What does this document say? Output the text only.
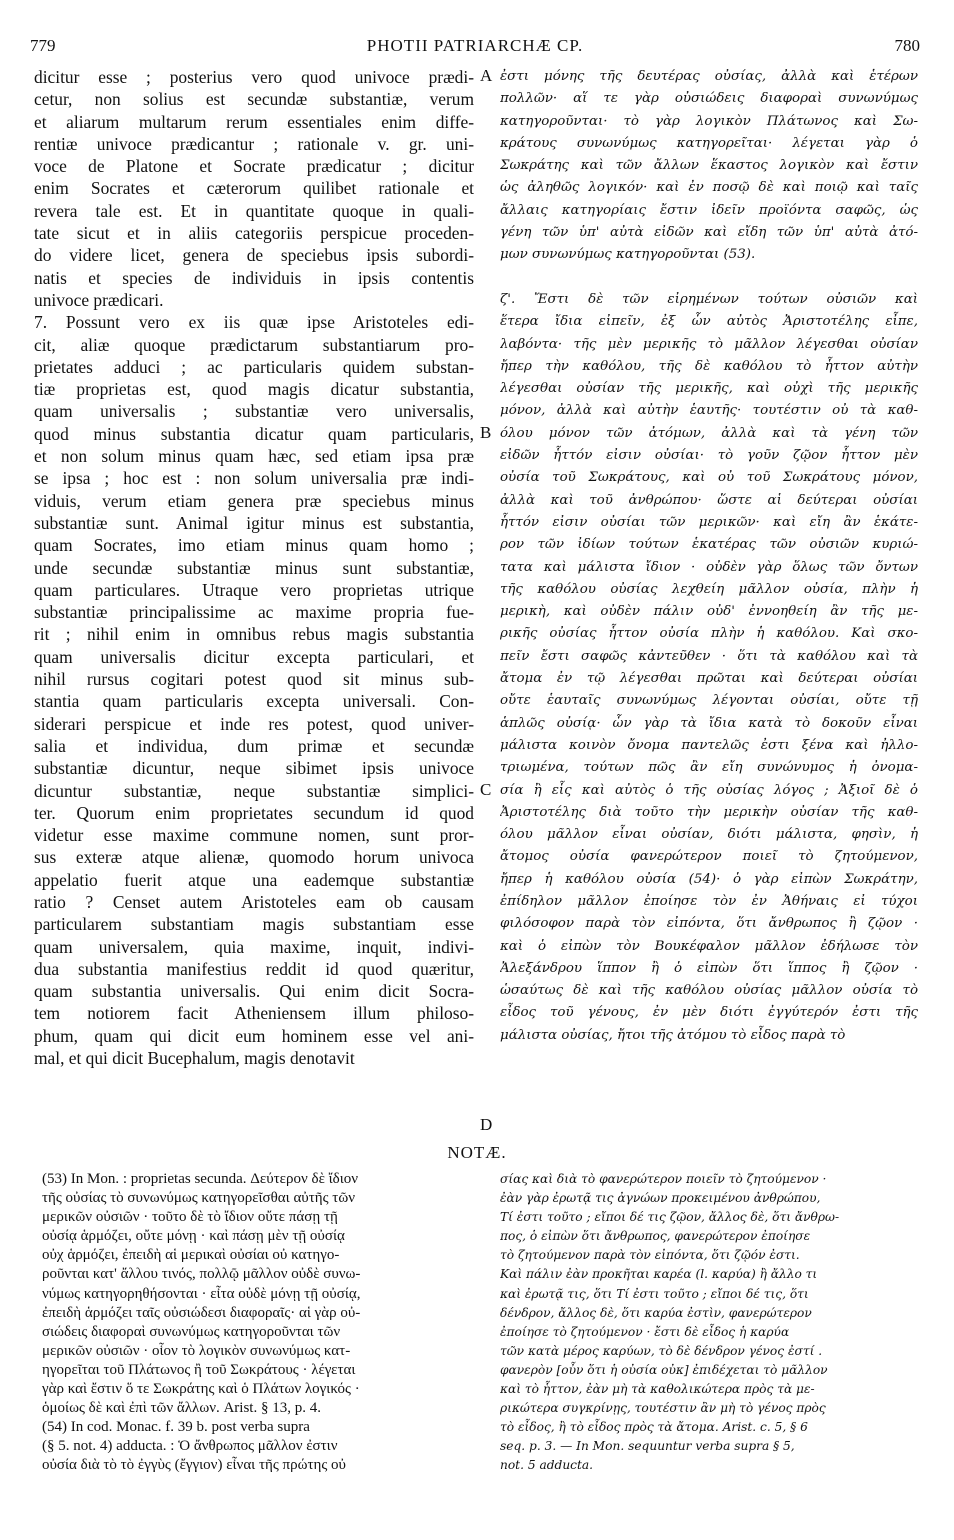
779	PHOTII PATRIARCHÆ CP.	780
dicitur esse ; posterius vero quod univoce prædi-
cetur, non solius est secundæ substantiæ, verum
et aliarum multarum rerum essentiales enim diffe-
rentiæ univoce prædicantur ; rationale v. gr. uni-
voce de Platone et Socrate prædicatur ; dicitur
enim Socrates et cæterorum quilibet rationale et
revera tale est. Et in quantitate quoque in quali-
tate sicut et in aliis categoriis perspicue proceden-
do videre licet, genera de speciebus ipsis subordi-
natis et species de individuis in ipsis contentis
univoce prædicari.
7. Possunt vero ex iis quæ ipse Aristoteles edi-
cit, aliæ quoque prædictarum substantiarum pro-
prietates adduci ; ac particularis quidem substan-
tiæ proprietas est, quod magis dicatur substantia,
quam universalis ; substantiæ vero universalis,
quod minus substantia dicatur quam particularis,
et non solum minus quam hæc, sed etiam ipsa præ
se ipsa ; hoc est : non solum universalia præ indi-
viduis, verum etiam genera præ speciebus minus
substantiæ sunt. Animal igitur minus est substantia,
quam Socrates, imo etiam minus quam homo ;
unde secundæ substantiæ minus sunt substantiæ,
quam particulares. Utraque vero proprietas utrique
substantiæ principalissime ac maxime propria fue-
rit ; nihil enim in omnibus rebus magis substantia
quam universalis dicitur excepta particulari, et
nihil rursus cogitari potest quod sit minus sub-
stantia quam particularis excepta universali. Con-
siderari perspicue et inde res potest, quod univer-
salia et individua, dum primæ et secundæ
substantiæ dicuntur, neque sibimet ipsis univoce
dicuntur substantiæ, neque substantiæ simplici-
ter. Quorum enim proprietates secundum id quod
videtur esse maxime commune nomen, sunt pror-
sus exteræ atque alienæ, quomodo horum univoca
appelatio fuerit atque una eademque substantiæ
ratio ? Censet autem Aristoteles eam ob causam
particularem substantiam magis substantiam esse
quam universalem, quia maxime, inquit, indivi-
dua substantia manifestius reddit id quod quæritur,
quam substantia universalis. Qui enim dicit Socra-
tem notiorem facit Atheniensem illum philoso-
phum, quam qui dicit eum hominem esse vel ani-
mal, et qui dicit Bucephalum, magis denotavit
ἐστι μόνης τῆς δευτέρας οὐσίας, ἀλλὰ καὶ ἑτέρων
πολλῶν· αἵ τε γὰρ οὐσιώδεις διαφοραὶ συνωνύμως
κατηγοροῦνται· τὸ γὰρ λογικὸν Πλάτωνος καὶ Σω-
κράτους συνωνύμως κατηγορεῖται· λέγεται γὰρ ὁ
Σωκράτης καὶ τῶν ἄλλων ἕκαστος λογικὸν καὶ ἔστιν
ὡς ἀληθῶς λογικόν· καὶ ἐν ποσῷ δὲ καὶ ποιῷ καὶ ταῖς
ἄλλαις κατηγορίαις ἔστιν ἰδεῖν προϊόντα σαφῶς, ὡς
γένη τῶν ὑπ' αὐτὰ εἰδῶν καὶ εἴδη τῶν ὑπ' αὐτὰ ἀτό-
μων συνωνύμως κατηγοροῦνται (53).
ζ'. Ἔστι δὲ τῶν εἰρημένων τούτων οὐσιῶν καὶ
ἕτερα ἴδια εἰπεῖν, ἐξ ὧν αὐτὸς Ἀριστοτέλης εἶπε,
λαβόντα· τῆς μὲν μερικῆς τὸ μᾶλλον λέγεσθαι οὐσίαν
ἤπερ τὴν καθόλου, τῆς δὲ καθόλου τὸ ἧττον αὐτὴν
λέγεσθαι οὐσίαν τῆς μερικῆς, καὶ οὐχὶ τῆς μερικῆς
μόνον, ἀλλὰ καὶ αὐτὴν ἑαυτῆς· τουτέστιν οὐ τὰ καθ-
όλου μόνον τῶν ἀτόμων, ἀλλὰ καὶ τὰ γένη τῶν
εἰδῶν ἧττόν εἰσιν οὐσίαι· τὸ γοῦν ζῷον ἧττον μὲν
οὐσία τοῦ Σωκράτους, καὶ οὐ τοῦ Σωκράτους μόνον,
ἀλλὰ καὶ τοῦ ἀνθρώπου· ὥστε αἱ δεύτεραι οὐσίαι
ἧττόν εἰσιν οὐσίαι τῶν μερικῶν· καὶ εἴη ἂν ἑκάτε-
ρον τῶν ἰδίων τούτων ἑκατέρας τῶν οὐσιῶν κυριώ-
τατα καὶ μάλιστα ἴδιον · οὐδὲν γὰρ ὅλως τῶν ὄντων
τῆς καθόλου οὐσίας λεχθείη μᾶλλον οὐσία, πλὴν ἡ
μερικὴ, καὶ οὐδὲν πάλιν οὐδ' ἐννοηθείη ἂν τῆς με-
ρικῆς οὐσίας ἧττον οὐσία πλὴν ἡ καθόλου. Καὶ σκο-
πεῖν ἔστι σαφῶς κἀντεῦθεν · ὅτι τὰ καθόλου καὶ τὰ
ἄτομα ἐν τῷ λέγεσθαι πρῶται καὶ δεύτεραι οὐσίαι
οὔτε ἑαυταῖς συνωνύμως λέγονται οὐσίαι, οὔτε τῇ
ἁπλῶς οὐσίᾳ· ὧν γὰρ τὰ ἴδια κατὰ τὸ δοκοῦν εἶναι
μάλιστα κοινὸν ὄνομα παντελῶς ἐστι ξένα καὶ ἠλλο-
τριωμένα, τούτων πῶς ἂν εἴη συνώνυμος ἡ ὀνομα-
σία ἢ εἷς καὶ αὐτὸς ὁ τῆς οὐσίας λόγος ; Ἀξιοῖ δὲ ὁ
Ἀριστοτέλης διὰ τοῦτο τὴν μερικὴν οὐσίαν τῆς καθ-
όλου μᾶλλον εἶναι οὐσίαν, διότι μάλιστα, φησὶν, ἡ
ἄτομος οὐσία φανερώτερον ποιεῖ τὸ ζητούμενον,
ἤπερ ἡ καθόλου οὐσία (54)· ὁ γὰρ εἰπὼν Σωκράτην,
ἐπίδηλον μᾶλλον ἐποίησε τὸν ἐν Ἀθήναις εἰ τύχοι
φιλόσοφον παρὰ τὸν εἰπόντα, ὅτι ἄνθρωπος ἢ ζῷον ·
καὶ ὁ εἰπὼν τὸν Βουκέφαλον μᾶλλον ἐδήλωσε τὸν
Ἀλεξάνδρου ἵππον ἢ ὁ εἰπὼν ὅτι ἵππος ἢ ζῷον ·
ὡσαύτως δὲ καὶ τῆς καθόλου οὐσίας μᾶλλον οὐσία τὸ
εἶδος τοῦ γένους, ἐν μὲν διότι ἐγγύτερόν ἐστι τῆς
μάλιστα οὐσίας, ἤτοι τῆς ἀτόμου τὸ εἶδος παρὰ τὸ
A
B
C
D
NOTÆ.
(53) In Mon. : proprietas secunda. Δεύτερον δὲ ἴδιον
τῆς οὐσίας τὸ συνωνύμως κατηγορεῖσθαι αὐτῆς τῶν
μερικῶν οὐσιῶν · τοῦτο δὲ τὸ ἴδιον οὔτε πάσῃ τῇ
οὐσίᾳ ἁρμόζει, οὔτε μόνῃ · καὶ πάσῃ μὲν τῇ οὐσίᾳ
οὐχ ἁρμόζει, ἐπειδὴ αἱ μερικαὶ οὐσίαι οὐ κατηγο-
ροῦνται κατ' ἄλλου τινός, πολλῷ μᾶλλον οὐδὲ συνω-
νύμως κατηγορηθήσονται · εἶτα οὐδὲ μόνῃ τῇ οὐσίᾳ,
ἐπειδὴ ἁρμόζει ταῖς οὐσιώδεσι διαφοραῖς· αἱ γὰρ οὐ-
σιώδεις διαφοραὶ συνωνύμως κατηγοροῦνται τῶν
μερικῶν οὐσιῶν · οἷον τὸ λογικὸν συνωνύμως κατ-
ηγορεῖται τοῦ Πλάτωνος ἢ τοῦ Σωκράτους · λέγεται
γὰρ καὶ ἔστιν ὅ τε Σωκράτης καὶ ὁ Πλάτων λογικός ·
ὁμοίως δὲ καὶ ἐπὶ τῶν ἄλλων. Arist. § 13, p. 4.
(54) In cod. Monac. f. 39 b. post verba supra
(§ 5. not. 4) adducta. : Ὁ ἄνθρωπος μᾶλλον ἐστιν
οὐσία διὰ τὸ τὸ ἐγγὺς (ἔγγιον) εἶναι τῆς πρώτης οὐ
σίας καὶ διὰ τὸ φανερώτερον ποιεῖν τὸ ζητούμενον ·
ἐὰν γὰρ ἐρωτᾷ τις ἀγνώων προκειμένου ἀνθρώπου,
Τί ἐστι τοῦτο ; εἴποι δέ τις ζῷον, ἄλλος δὲ, ὅτι ἄνθρω-
πος, ὁ εἰπὼν ὅτι ἄνθρωπος, φανερώτερον ἐποίησε
τὸ ζητούμενον παρὰ τὸν εἰπόντα, ὅτι ζῷόν ἐστι.
Καὶ πάλιν ἐὰν προκῆται καρέα (l. καρύα) ἢ ἄλλο τι
καὶ ἐρωτᾷ τις, ὅτι Τί ἐστι τοῦτο ; εἴποι δέ τις, ὅτι
δένδρον, ἄλλος δὲ, ὅτι καρύα ἐστὶν, φανερώτερον
ἐποίησε τὸ ζητούμενον · ἔστι δὲ εἶδος ἡ καρύα
τῶν κατὰ μέρος καρύων, τὸ δὲ δένδρον γένος ἐστί .
φανερὸν [οὖν ὅτι ἡ οὐσία οὐκ] ἐπιδέχεται τὸ μᾶλλον
καὶ τὸ ἧττον, ἐὰν μὴ τὰ καθολικώτερα πρὸς τὰ με-
ρικώτερα συγκρίνῃς, τουτέστιν ἂν μὴ τὸ γένος πρὸς
τὸ εἶδος, ἢ τὸ εἶδος πρὸς τὰ ἄτομα. Arist. c. 5, § 6
seq. p. 3. — In Mon. sequuntur verba supra § 5,
not. 5 adducta.
